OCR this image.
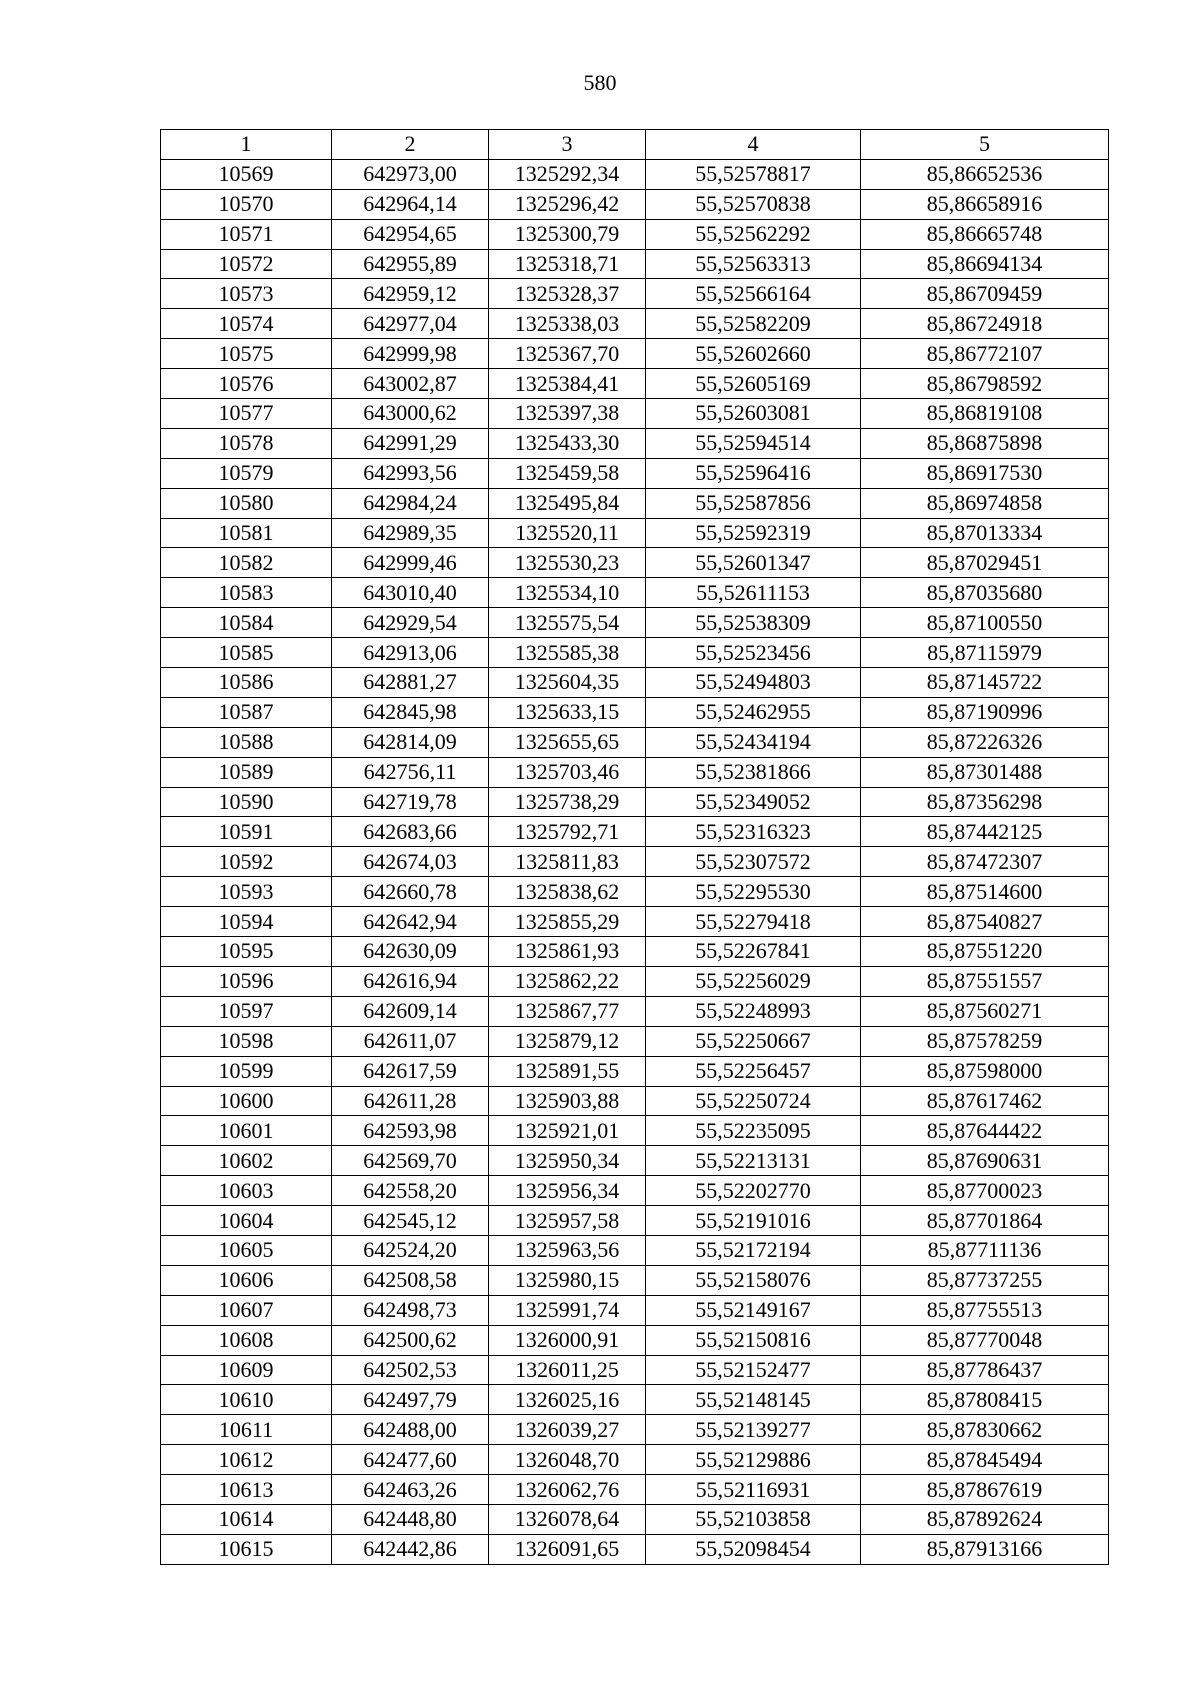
580
1	2	3	4	5
10569	642973,00	1325292,34	55,52578817	85,86652536
10570	642964,14	1325296,42	55,52570838	85,86658916
10571	642954,65	1325300,79	55,52562292	85,86665748
10572	642955,89	1325318,71	55,52563313	85,86694134
10573	642959,12	1325328,37	55,52566164	85,86709459
10574	642977,04	1325338,03	55,52582209	85,86724918
10575	642999,98	1325367,70	55,52602660	85,86772107
10576	643002,87	1325384,41	55,52605169	85,86798592
10577	643000,62	1325397,38	55,52603081	85,86819108
10578	642991,29	1325433,30	55,52594514	85,86875898
10579	642993,56	1325459,58	55,52596416	85,86917530
10580	642984,24	1325495,84	55,52587856	85,86974858
10581	642989,35	1325520,11	55,52592319	85,87013334
10582	642999,46	1325530,23	55,52601347	85,87029451
10583	643010,40	1325534,10	55,52611153	85,87035680
10584	642929,54	1325575,54	55,52538309	85,87100550
10585	642913,06	1325585,38	55,52523456	85,87115979
10586	642881,27	1325604,35	55,52494803	85,87145722
10587	642845,98	1325633,15	55,52462955	85,87190996
10588	642814,09	1325655,65	55,52434194	85,87226326
10589	642756,11	1325703,46	55,52381866	85,87301488
10590	642719,78	1325738,29	55,52349052	85,87356298
10591	642683,66	1325792,71	55,52316323	85,87442125
10592	642674,03	1325811,83	55,52307572	85,87472307
10593	642660,78	1325838,62	55,52295530	85,87514600
10594	642642,94	1325855,29	55,52279418	85,87540827
10595	642630,09	1325861,93	55,52267841	85,87551220
10596	642616,94	1325862,22	55,52256029	85,87551557
10597	642609,14	1325867,77	55,52248993	85,87560271
10598	642611,07	1325879,12	55,52250667	85,87578259
10599	642617,59	1325891,55	55,52256457	85,87598000
10600	642611,28	1325903,88	55,52250724	85,87617462
10601	642593,98	1325921,01	55,52235095	85,87644422
10602	642569,70	1325950,34	55,52213131	85,87690631
10603	642558,20	1325956,34	55,52202770	85,87700023
10604	642545,12	1325957,58	55,52191016	85,87701864
10605	642524,20	1325963,56	55,52172194	85,87711136
10606	642508,58	1325980,15	55,52158076	85,87737255
10607	642498,73	1325991,74	55,52149167	85,87755513
10608	642500,62	1326000,91	55,52150816	85,87770048
10609	642502,53	1326011,25	55,52152477	85,87786437
10610	642497,79	1326025,16	55,52148145	85,87808415
10611	642488,00	1326039,27	55,52139277	85,87830662
10612	642477,60	1326048,70	55,52129886	85,87845494
10613	642463,26	1326062,76	55,52116931	85,87867619
10614	642448,80	1326078,64	55,52103858	85,87892624
10615	642442,86	1326091,65	55,52098454	85,87913166
